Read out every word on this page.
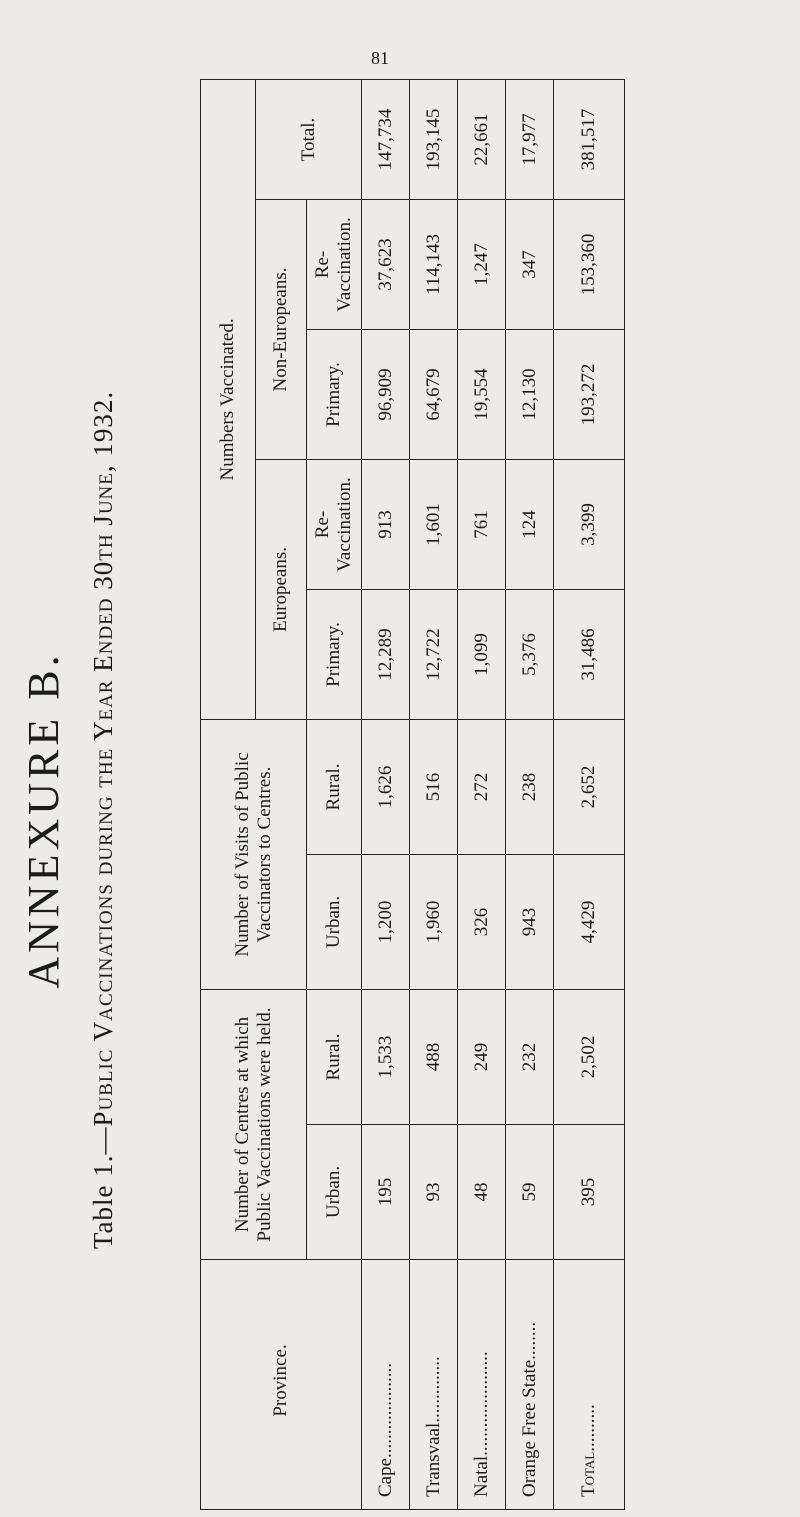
81
ANNEXURE B.
Table 1.—Public Vaccinations during the Year Ended 30th June, 1932.
Province.	Number of Centres at which Public Vaccinations were held.		Number of Visits of Public Vaccinators to Centres.		Numbers Vaccinated.				
					Europeans.		Non-Europeans.		Total.
	Urban.	Rural.	Urban.	Rural.	Primary.	Re-Vaccination.	Primary.	Re-Vaccination.	
Cape....................	195	1,533	1,200	1,626	12,289	913	96,909	37,623	147,734
Transvaal..............	93	488	1,960	516	12,722	1,601	64,679	114,143	193,145
Natal......................	48	249	326	272	1,099	761	19,554	1,247	22,661
Orange Free State........	59	232	943	238	5,376	124	12,130	347	17,977
Total..........	395	2,502	4,429	2,652	31,486	3,399	193,272	153,360	381,517
